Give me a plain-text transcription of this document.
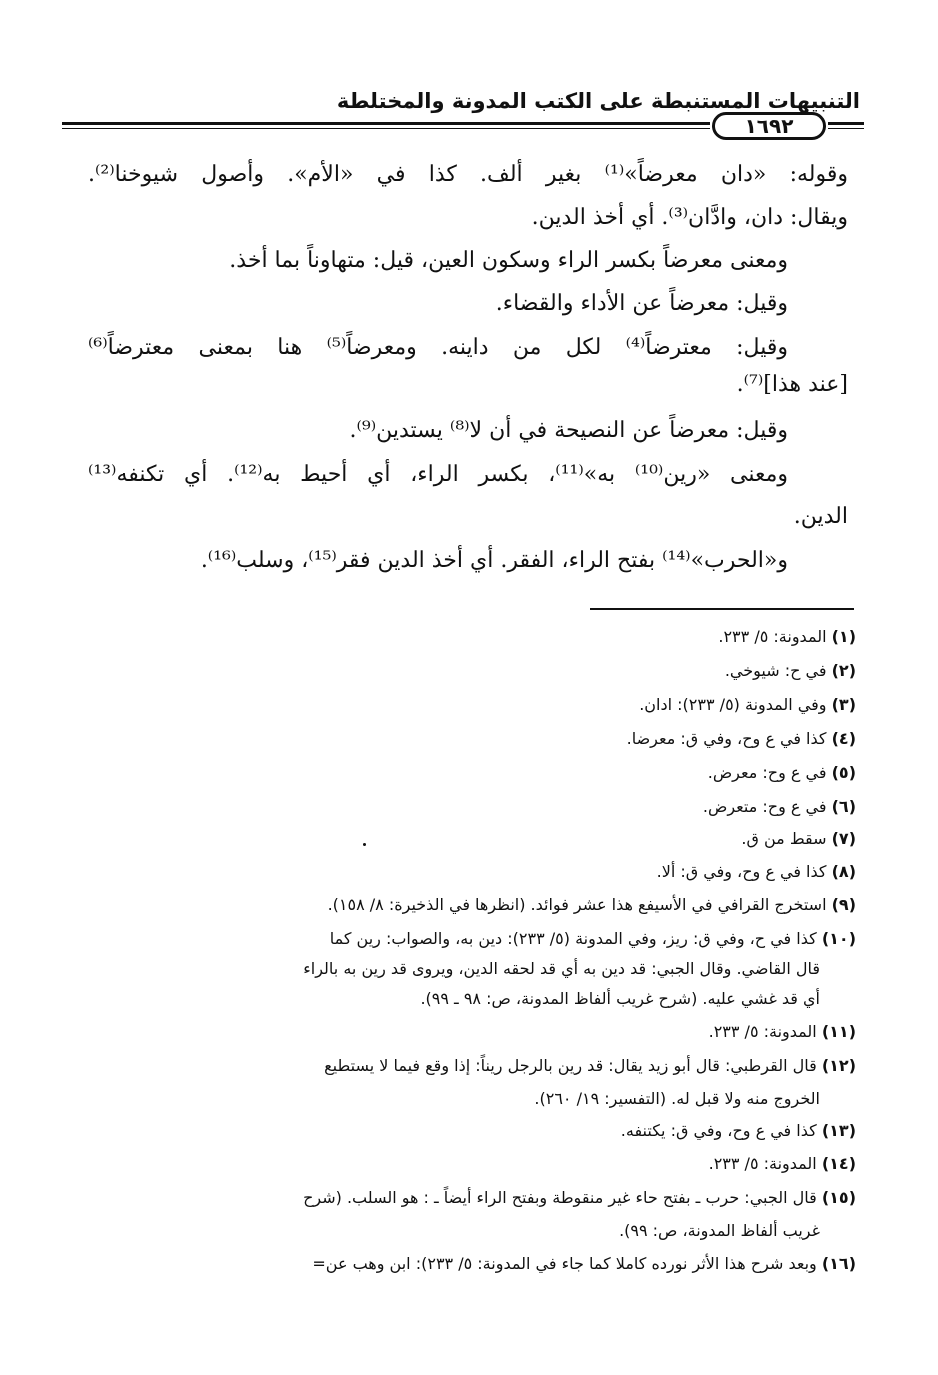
التنبيهات المستنبطة على الكتب المدونة والمختلطة
١٦٩٢
وقوله: «دان معرضاً»⁽¹⁾ بغير ألف. كذا في «الأم». وأصول شيوخنا⁽²⁾.
ويقال: دان، وادَّان⁽³⁾. أي أخذ الدين.
ومعنى معرضاً بكسر الراء وسكون العين، قيل: متهاوناً بما أخذ.
وقيل: معرضاً عن الأداء والقضاء.
وقيل: معترضاً⁽⁴⁾ لكل من داينه. ومعرضاً⁽⁵⁾ هنا بمعنى معترضاً⁽⁶⁾
[عند هذا]⁽⁷⁾.
وقيل: معرضاً عن النصيحة في أن لا⁽⁸⁾ يستدين⁽⁹⁾.
ومعنى «رين⁽¹⁰⁾ به»⁽¹¹⁾، بكسر الراء، أي أحيط به⁽¹²⁾. أي تكنفه⁽¹³⁾
الدين.
و«الحرب»⁽¹⁴⁾ بفتح الراء، الفقر. أي أخذ الدين فقر⁽¹⁵⁾، وسلب⁽¹⁶⁾.
(١) المدونة: ٥/ ٢٣٣.
(٢) في ح: شيوخي.
(٣) وفي المدونة (٥/ ٢٣٣): ادان.
(٤) كذا في ع وح، وفي ق: معرضا.
(٥) في ع وح: معرض.
(٦) في ع وح: متعرض.
(٧) سقط من ق.
(٨) كذا في ع وح، وفي ق: ألا.
(٩) استخرج القرافي في الأسيفع هذا عشر فوائد. (انظرها في الذخيرة: ٨/ ١٥٨).
(١٠) كذا في ح، وفي ق: ريز، وفي المدونة (٥/ ٢٣٣): دين به، والصواب: رين كما
قال القاضي. وقال الجبي: قد دين به أي قد لحقه الدين، ويروى قد رين به بالراء
أي قد غشي عليه. (شرح غريب ألفاظ المدونة، ص: ٩٨ ـ ٩٩).
(١١) المدونة: ٥/ ٢٣٣.
(١٢) قال القرطبي: قال أبو زيد يقال: قد رين بالرجل ريناً: إذا وقع فيما لا يستطيع
الخروج منه ولا قبل له. (التفسير: ١٩/ ٢٦٠).
(١٣) كذا في ع وح، وفي ق: يكتنفه.
(١٤) المدونة: ٥/ ٢٣٣.
(١٥) قال الجبي: حرب ـ بفتح حاء غير منقوطة وبفتح الراء أيضاً ـ : هو السلب. (شرح
غريب ألفاظ المدونة، ص: ٩٩).
(١٦) وبعد شرح هذا الأثر نورده كاملا كما جاء في المدونة: ٥/ ٢٣٣): ابن وهب عن=
